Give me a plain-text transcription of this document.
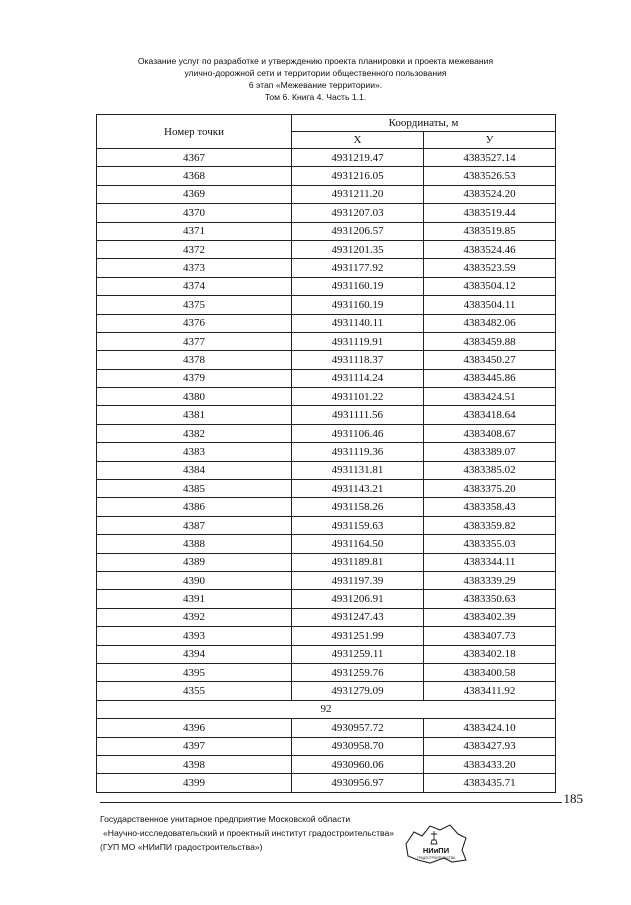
Оказание услуг по разработке и утверждению проекта планировки и проекта межевания
улично-дорожной сети и территории общественного пользования
6 этап «Межевание территории».
Том 6. Книга 4. Часть 1.1.
Номер точки	Координаты, м	
	X	У
4367	4931219.47	4383527.14
4368	4931216.05	4383526.53
4369	4931211.20	4383524.20
4370	4931207.03	4383519.44
4371	4931206.57	4383519.85
4372	4931201.35	4383524.46
4373	4931177.92	4383523.59
4374	4931160.19	4383504.12
4375	4931160.19	4383504.11
4376	4931140.11	4383482.06
4377	4931119.91	4383459.88
4378	4931118.37	4383450.27
4379	4931114.24	4383445.86
4380	4931101.22	4383424.51
4381	4931111.56	4383418.64
4382	4931106.46	4383408.67
4383	4931119.36	4383389.07
4384	4931131.81	4383385.02
4385	4931143.21	4383375.20
4386	4931158.26	4383358.43
4387	4931159.63	4383359.82
4388	4931164.50	4383355.03
4389	4931189.81	4383344.11
4390	4931197.39	4383339.29
4391	4931206.91	4383350.63
4392	4931247.43	4383402.39
4393	4931251.99	4383407.73
4394	4931259.11	4383402.18
4395	4931259.76	4383400.58
4355	4931279.09	4383411.92
92		
4396	4930957.72	4383424.10
4397	4930958.70	4383427.93
4398	4930960.06	4383433.20
4399	4930956.97	4383435.71
185
Государственное унитарное предприятие Московской области
«Научно-исследовательский и проектный институт градостроительства»
(ГУП МО «НИиПИ градостроительства»)	НИиПИ
ГРАДОСТРОИТЕЛЬСТВА
